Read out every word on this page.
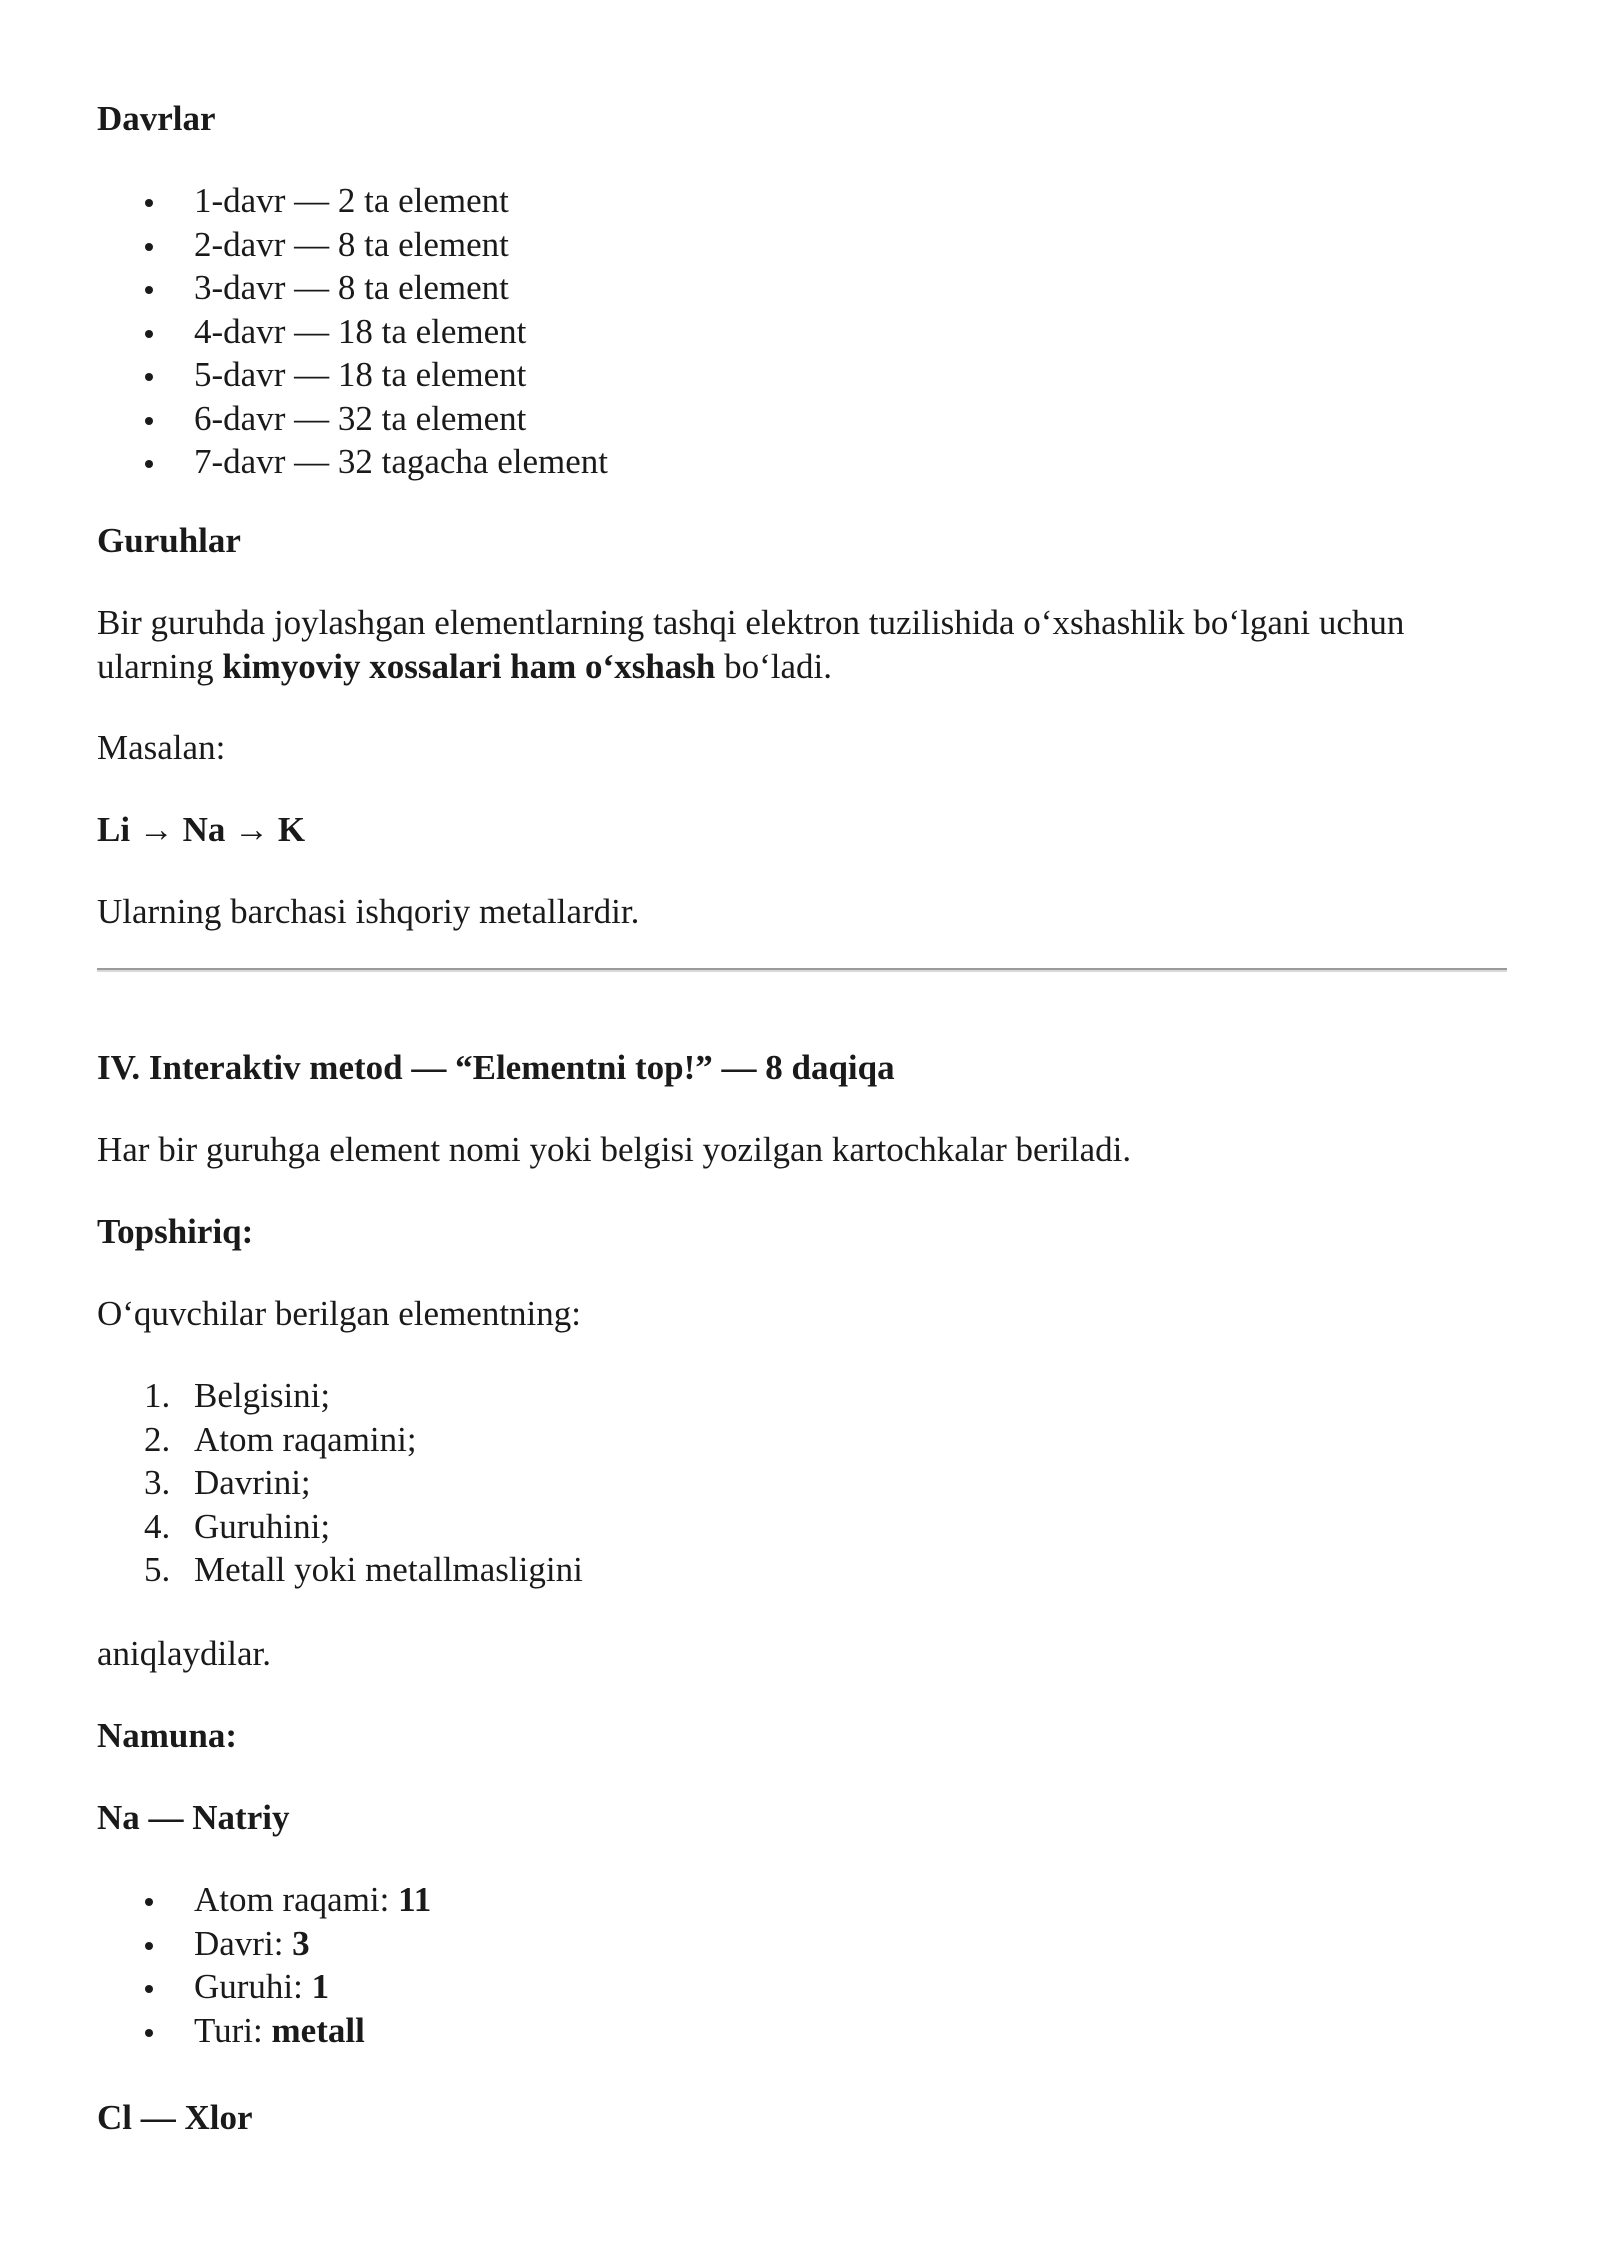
Davrlar

1-davr — 2 ta element
2-davr — 8 ta element
3-davr — 8 ta element
4-davr — 18 ta element
5-davr — 18 ta element
6-davr — 32 ta element
7-davr — 32 tagacha element

Guruhlar

Bir guruhda joylashgan elementlarning tashqi elektron tuzilishida o‘xshashlik bo‘lgani uchun ularning kimyoviy xossalari ham o‘xshash bo‘ladi.

Masalan:

Li → Na → K

Ularning barchasi ishqoriy metallardir.

IV. Interaktiv metod — “Elementni top!” — 8 daqiqa

Har bir guruhga element nomi yoki belgisi yozilgan kartochkalar beriladi.

Topshiriq:

O‘quvchilar berilgan elementning:

1. Belgisini;
2. Atom raqamini;
3. Davrini;
4. Guruhini;
5. Metall yoki metallmasligini

aniqlaydilar.

Namuna:

Na — Natriy

Atom raqami: 11
Davri: 3
Guruhi: 1
Turi: metall

Cl — Xlor
